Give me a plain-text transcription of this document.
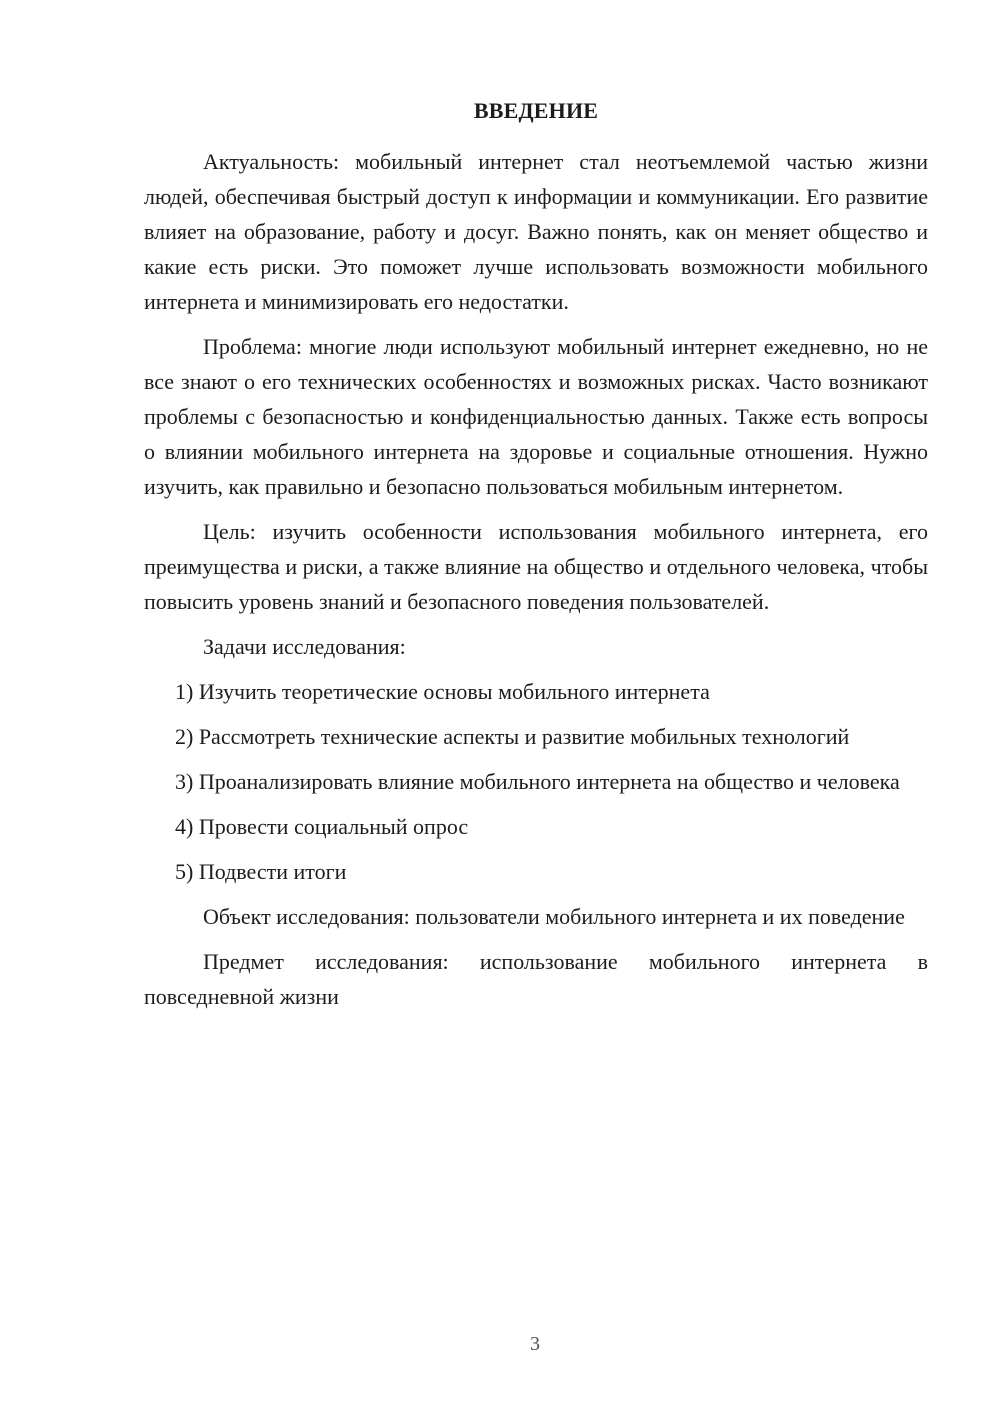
ВВЕДЕНИЕ

Актуальность: мобильный интернет стал неотъемлемой частью жизни людей, обеспечивая быстрый доступ к информации и коммуникации. Его развитие влияет на образование, работу и досуг. Важно понять, как он меняет общество и какие есть риски. Это поможет лучше использовать возможности мобильного интернета и минимизировать его недостатки.

Проблема: многие люди используют мобильный интернет ежедневно, но не все знают о его технических особенностях и возможных рисках. Часто возникают проблемы с безопасностью и конфиденциальностью данных. Также есть вопросы о влиянии мобильного интернета на здоровье и социальные отношения. Нужно изучить, как правильно и безопасно пользоваться мобильным интернетом.

Цель: изучить особенности использования мобильного интернета, его преимущества и риски, а также влияние на общество и отдельного человека, чтобы повысить уровень знаний и безопасного поведения пользователей.

Задачи исследования:

1) Изучить теоретические основы мобильного интернета

2) Рассмотреть технические аспекты и развитие мобильных технологий

3) Проанализировать влияние мобильного интернета на общество и человека

4) Провести социальный опрос

5) Подвести итоги

Объект исследования: пользователи мобильного интернета и их поведение

Предмет исследования: использование мобильного интернета в повседневной жизни

3
